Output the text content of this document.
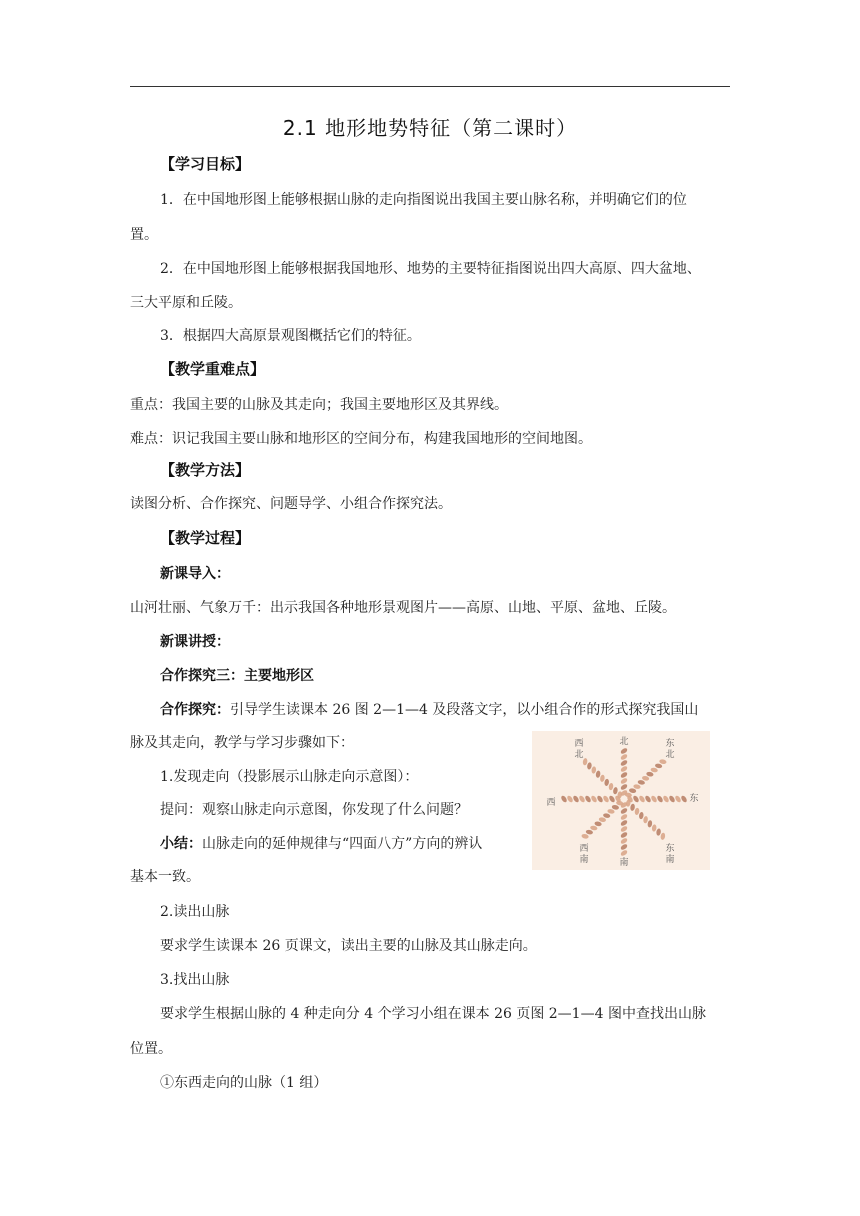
2.1 地形地势特征（第二课时）
【学习目标】
1．在中国地形图上能够根据山脉的走向指图说出我国主要山脉名称，并明确它们的位
置。
2．在中国地形图上能够根据我国地形、地势的主要特征指图说出四大高原、四大盆地、
三大平原和丘陵。
3．根据四大高原景观图概括它们的特征。
【教学重难点】
重点：我国主要的山脉及其走向；我国主要地形区及其界线。
难点：识记我国主要山脉和地形区的空间分布，构建我国地形的空间地图。
【教学方法】
读图分析、合作探究、问题导学、小组合作探究法。
【教学过程】
新课导入：
山河壮丽、气象万千：出示我国各种地形景观图片——高原、山地、平原、盆地、丘陵。
新课讲授：
合作探究三：主要地形区
合作探究：引导学生读课本 26 图 2—1—4 及段落文字，以小组合作的形式探究我国山
脉及其走向，教学与学习步骤如下：
1.发现走向（投影展示山脉走向示意图）：
提问：观察山脉走向示意图，你发现了什么问题？
小结：山脉走向的延伸规律与“四面八方”方向的辨认
基本一致。
2.读出山脉
要求学生读课本 26 页课文，读出主要的山脉及其山脉走向。
3.找出山脉
要求学生根据山脉的 4 种走向分 4 个学习小组在课本 26 页图 2—1—4 图中查找出山脉
位置。
①东西走向的山脉（1 组）
西
北
北	东
北
西	东
西
南	南
东
南
